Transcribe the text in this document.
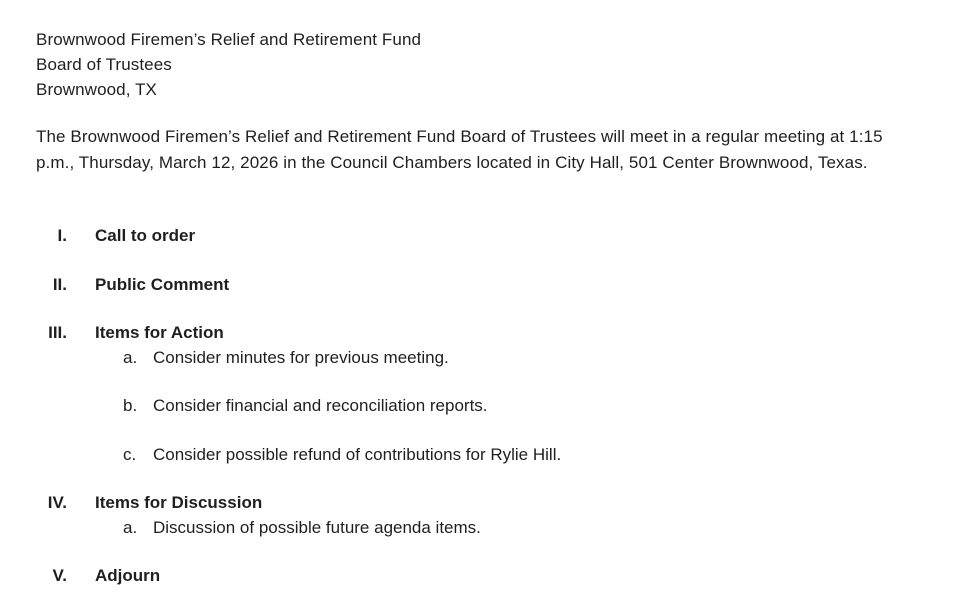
Brownwood Firemen’s Relief and Retirement Fund
Board of Trustees
Brownwood, TX

The Brownwood Firemen’s Relief and Retirement Fund Board of Trustees will meet in a regular meeting at 1:15
p.m., Thursday, March 12, 2026 in the Council Chambers located in City Hall, 501 Center Brownwood, Texas.

I. Call to order
II. Public Comment
III. Items for Action
a. Consider minutes for previous meeting.
b. Consider financial and reconciliation reports.
c. Consider possible refund of contributions for Rylie Hill.
IV. Items for Discussion
a. Discussion of possible future agenda items.
V. Adjourn
